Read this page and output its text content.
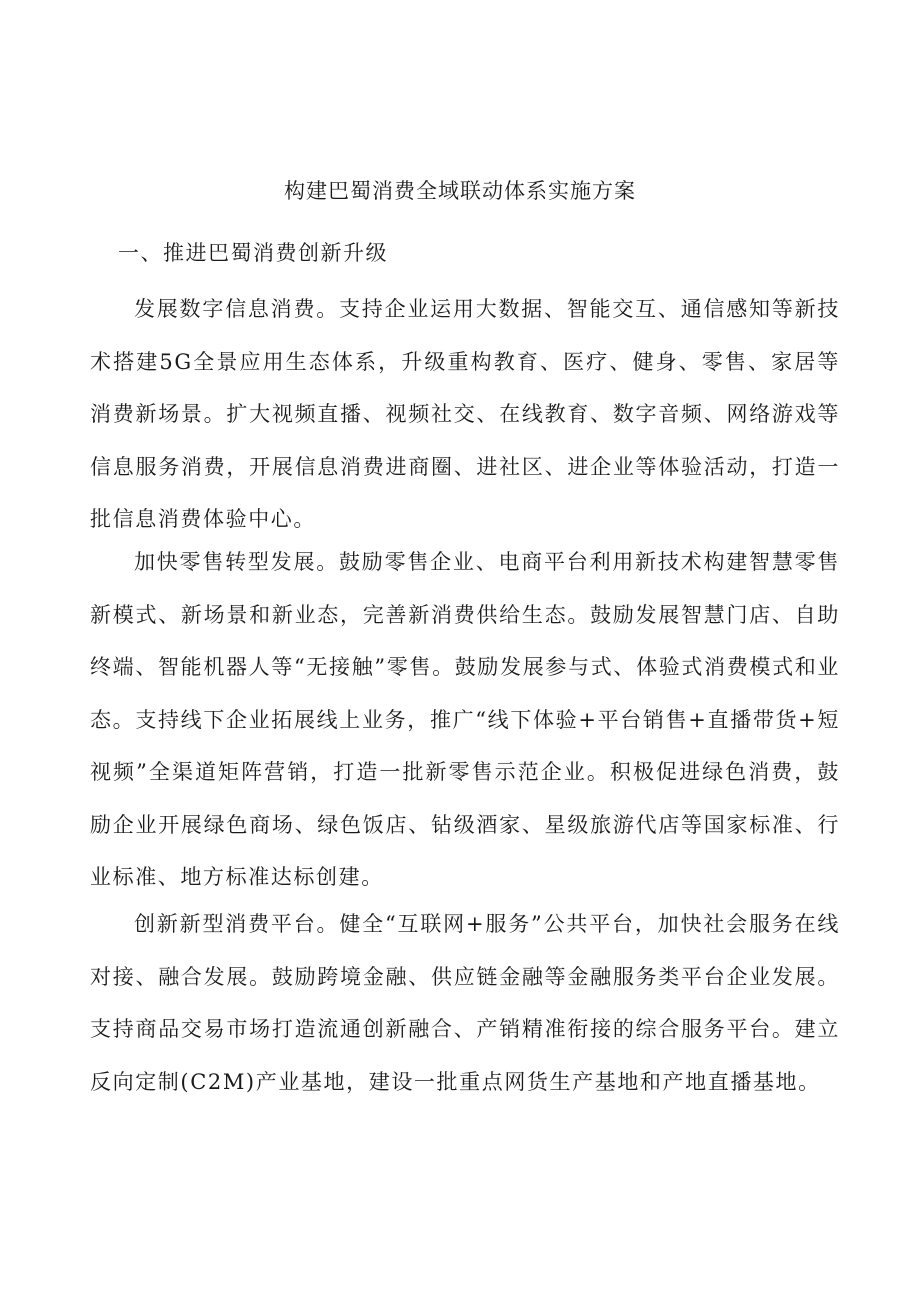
构建巴蜀消费全域联动体系实施方案
一、推进巴蜀消费创新升级

发展数字信息消费。支持企业运用大数据、智能交互、通信感知等新技术搭建5G全景应用生态体系，升级重构教育、医疗、健身、零售、家居等消费新场景。扩大视频直播、视频社交、在线教育、数字音频、网络游戏等信息服务消费，开展信息消费进商圈、进社区、进企业等体验活动，打造一批信息消费体验中心。

加快零售转型发展。鼓励零售企业、电商平台利用新技术构建智慧零售新模式、新场景和新业态，完善新消费供给生态。鼓励发展智慧门店、自助终端、智能机器人等“无接触”零售。鼓励发展参与式、体验式消费模式和业态。支持线下企业拓展线上业务，推广“线下体验+平台销售+直播带货+短视频”全渠道矩阵营销，打造一批新零售示范企业。积极促进绿色消费，鼓励企业开展绿色商场、绿色饭店、钻级酒家、星级旅游代店等国家标准、行业标准、地方标准达标创建。

创新新型消费平台。健全“互联网+服务”公共平台，加快社会服务在线对接、融合发展。鼓励跨境金融、供应链金融等金融服务类平台企业发展。支持商品交易市场打造流通创新融合、产销精准衔接的综合服务平台。建立反向定制(C2M)产业基地，建设一批重点网货生产基地和产地直播基地。
